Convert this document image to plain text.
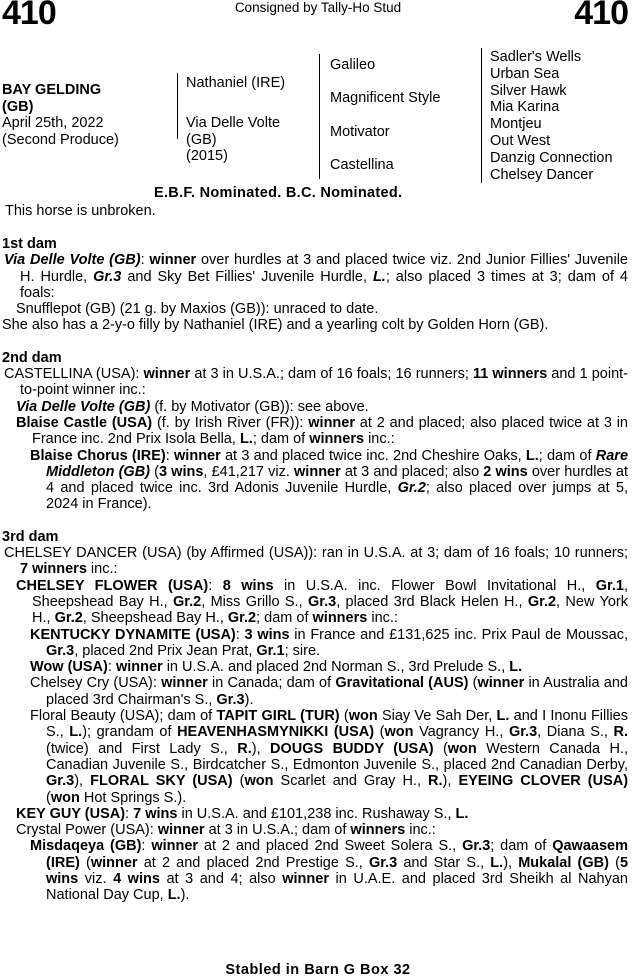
410	Consigned by Tally-Ho Stud	410
BAY GELDING
(GB)
April 25th, 2022
(Second Produce)
Nathaniel (IRE)
Via Delle Volte
(GB)
(2015)
Galileo
Magnificent Style
Motivator
Castellina
Sadler's Wells
Urban Sea
Silver Hawk
Mia Karina
Montjeu
Out West
Danzig Connection
Chelsey Dancer
E.B.F. Nominated. B.C. Nominated.
This horse is unbroken.
1st dam

Via Delle Volte (GB): winner over hurdles at 3 and placed twice viz. 2nd Junior Fillies' Juvenile H. Hurdle, Gr.3 and Sky Bet Fillies' Juvenile Hurdle, L.; also placed 3 times at 3; dam of 4 foals:

Snufflepot (GB) (21 g. by Maxios (GB)): unraced to date.

She also has a 2-y-o filly by Nathaniel (IRE) and a yearling colt by Golden Horn (GB).

2nd dam

CASTELLINA (USA): winner at 3 in U.S.A.; dam of 16 foals; 16 runners; 11 winners and 1 point-to-point winner inc.:

Via Delle Volte (GB) (f. by Motivator (GB)): see above.

Blaise Castle (USA) (f. by Irish River (FR)): winner at 2 and placed; also placed twice at 3 in France inc. 2nd Prix Isola Bella, L.; dam of winners inc.:

Blaise Chorus (IRE): winner at 3 and placed twice inc. 2nd Cheshire Oaks, L.; dam of Rare Middleton (GB) (3 wins, £41,217 viz. winner at 3 and placed; also 2 wins over hurdles at 4 and placed twice inc. 3rd Adonis Juvenile Hurdle, Gr.2; also placed over jumps at 5, 2024 in France).

3rd dam

CHELSEY DANCER (USA) (by Affirmed (USA)): ran in U.S.A. at 3; dam of 16 foals; 10 runners; 7 winners inc.:

CHELSEY FLOWER (USA): 8 wins in U.S.A. inc. Flower Bowl Invitational H., Gr.1, Sheepshead Bay H., Gr.2, Miss Grillo S., Gr.3, placed 3rd Black Helen H., Gr.2, New York H., Gr.2, Sheepshead Bay H., Gr.2; dam of winners inc.:

KENTUCKY DYNAMITE (USA): 3 wins in France and £131,625 inc. Prix Paul de Moussac, Gr.3, placed 2nd Prix Jean Prat, Gr.1; sire.

Wow (USA): winner in U.S.A. and placed 2nd Norman S., 3rd Prelude S., L.

Chelsey Cry (USA): winner in Canada; dam of Gravitational (AUS) (winner in Australia and placed 3rd Chairman's S., Gr.3).

Floral Beauty (USA); dam of TAPIT GIRL (TUR) (won Siay Ve Sah Der, L. and I Inonu Fillies S., L.); grandam of HEAVENHASMYNIKKI (USA) (won Vagrancy H., Gr.3, Diana S., R. (twice) and First Lady S., R.), DOUGS BUDDY (USA) (won Western Canada H., Canadian Juvenile S., Birdcatcher S., Edmonton Juvenile S., placed 2nd Canadian Derby, Gr.3), FLORAL SKY (USA) (won Scarlet and Gray H., R.), EYEING CLOVER (USA) (won Hot Springs S.).

KEY GUY (USA): 7 wins in U.S.A. and £101,238 inc. Rushaway S., L.

Crystal Power (USA): winner at 3 in U.S.A.; dam of winners inc.:

Misdaqeya (GB): winner at 2 and placed 2nd Sweet Solera S., Gr.3; dam of Qawaasem (IRE) (winner at 2 and placed 2nd Prestige S., Gr.3 and Star S., L.), Mukalal (GB) (5 wins viz. 4 wins at 3 and 4; also winner in U.A.E. and placed 3rd Sheikh al Nahyan National Day Cup, L.).

Stabled in Barn G Box 32
